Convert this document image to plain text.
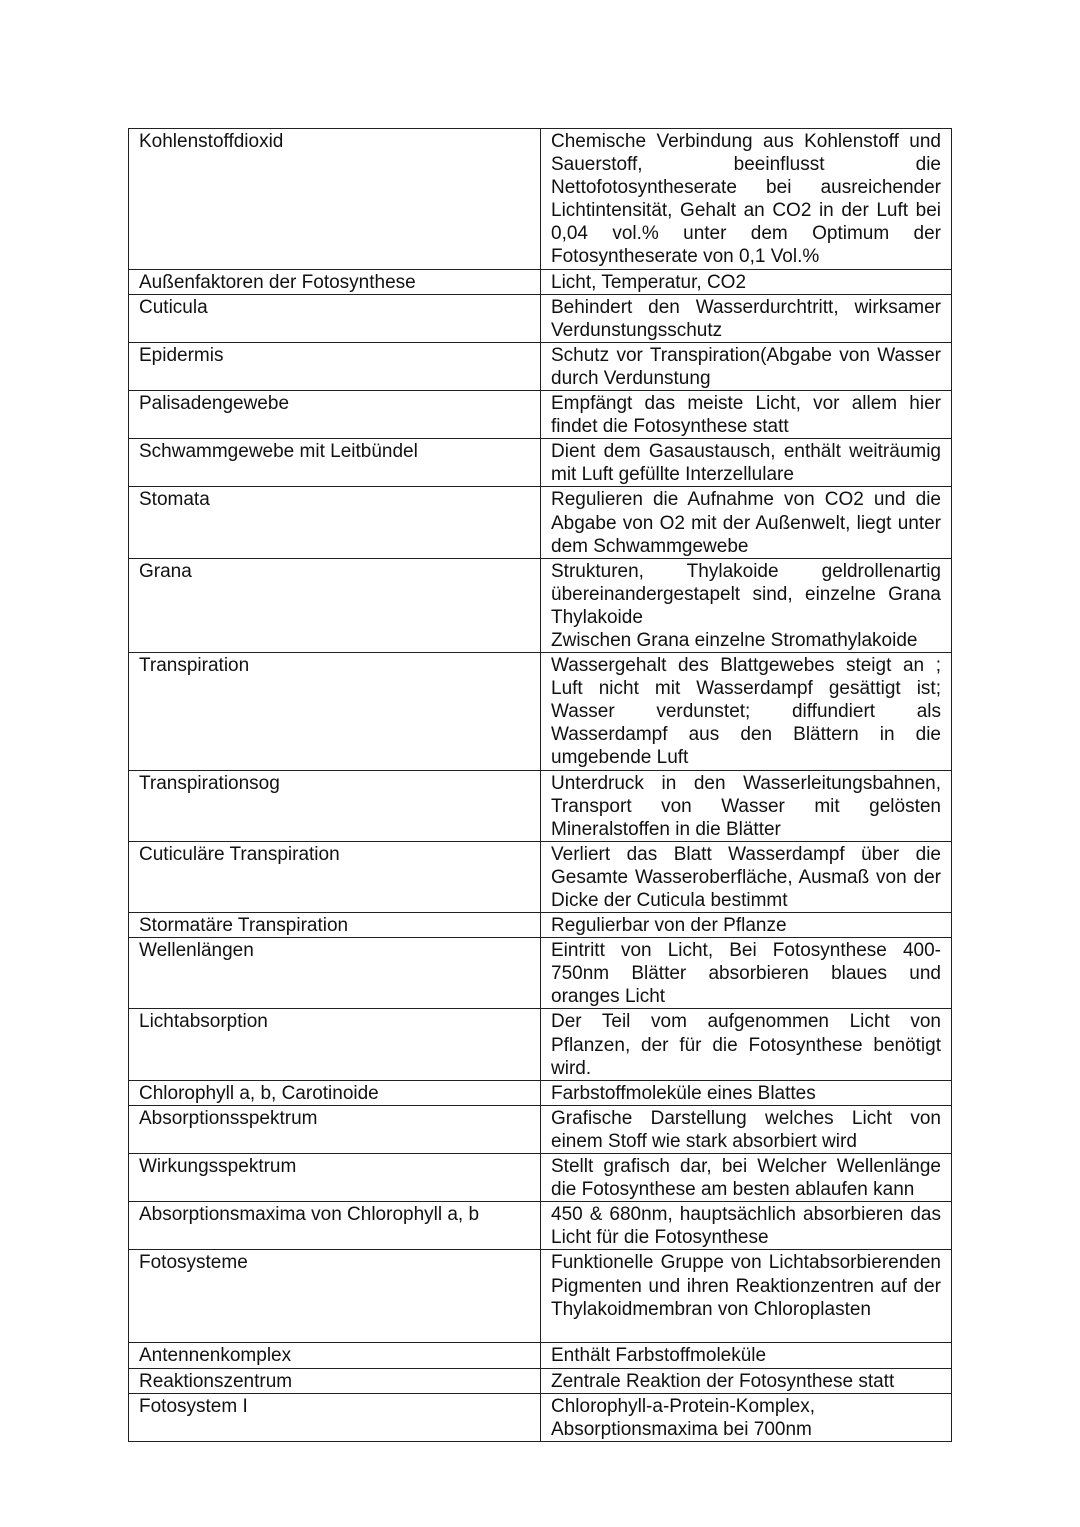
Kohlenstoffdioxid	Chemische Verbindung aus Kohlenstoff und Sauerstoff, beeinflusst die Nettofotosyntheserate bei ausreichender Lichtintensität, Gehalt an CO2 in der Luft bei 0,04 vol.% unter dem Optimum der Fotosyntheserate von 0,1 Vol.%
Außenfaktoren der Fotosynthese	Licht, Temperatur, CO2
Cuticula	Behindert den Wasserdurchtritt, wirksamer Verdunstungsschutz
Epidermis	Schutz vor Transpiration(Abgabe von Wasser durch Verdunstung
Palisadengewebe	Empfängt das meiste Licht, vor allem hier findet die Fotosynthese statt
Schwammgewebe mit Leitbündel	Dient dem Gasaustausch, enthält weiträumig mit Luft gefüllte Interzellulare
Stomata	Regulieren die Aufnahme von CO2 und die Abgabe von O2 mit der Außenwelt, liegt unter dem Schwammgewebe
Grana	Strukturen, Thylakoide geldrollenartig übereinandergestapelt sind, einzelne Grana Thylakoide
Zwischen Grana einzelne Stromathylakoide

Transpiration	Wassergehalt des Blattgewebes steigt an ; Luft nicht mit Wasserdampf gesättigt ist; Wasser verdunstet; diffundiert als Wasserdampf aus den Blättern in die umgebende Luft
Transpirationsog	Unterdruck in den Wasserleitungsbahnen, Transport von Wasser mit gelösten Mineralstoffen in die Blätter
Cuticuläre Transpiration	Verliert das Blatt Wasserdampf über die Gesamte Wasseroberfläche, Ausmaß von der Dicke der Cuticula bestimmt
Stormatäre Transpiration	Regulierbar von der Pflanze
Wellenlängen	Eintritt von Licht, Bei Fotosynthese 400-750nm Blätter absorbieren blaues und oranges Licht
Lichtabsorption	Der Teil vom aufgenommen Licht von Pflanzen, der für die Fotosynthese benötigt wird.
Chlorophyll a, b, Carotinoide	Farbstoffmoleküle eines Blattes
Absorptionsspektrum	Grafische Darstellung welches Licht von einem Stoff wie stark absorbiert wird
Wirkungsspektrum	Stellt grafisch dar, bei Welcher Wellenlänge die Fotosynthese am besten ablaufen kann
Absorptionsmaxima von Chlorophyll a, b	450 & 680nm, hauptsächlich absorbieren das Licht für die Fotosynthese
Fotosysteme	Funktionelle Gruppe von Lichtabsorbierenden Pigmenten und ihren Reaktionzentren auf der Thylakoidmembran von Chloroplasten
Antennenkomplex	Enthält Farbstoffmoleküle
Reaktionszentrum	Zentrale Reaktion der Fotosynthese statt
Fotosystem I	Chlorophyll-a-Protein-Komplex,
Absorptionsmaxima bei 700nm
